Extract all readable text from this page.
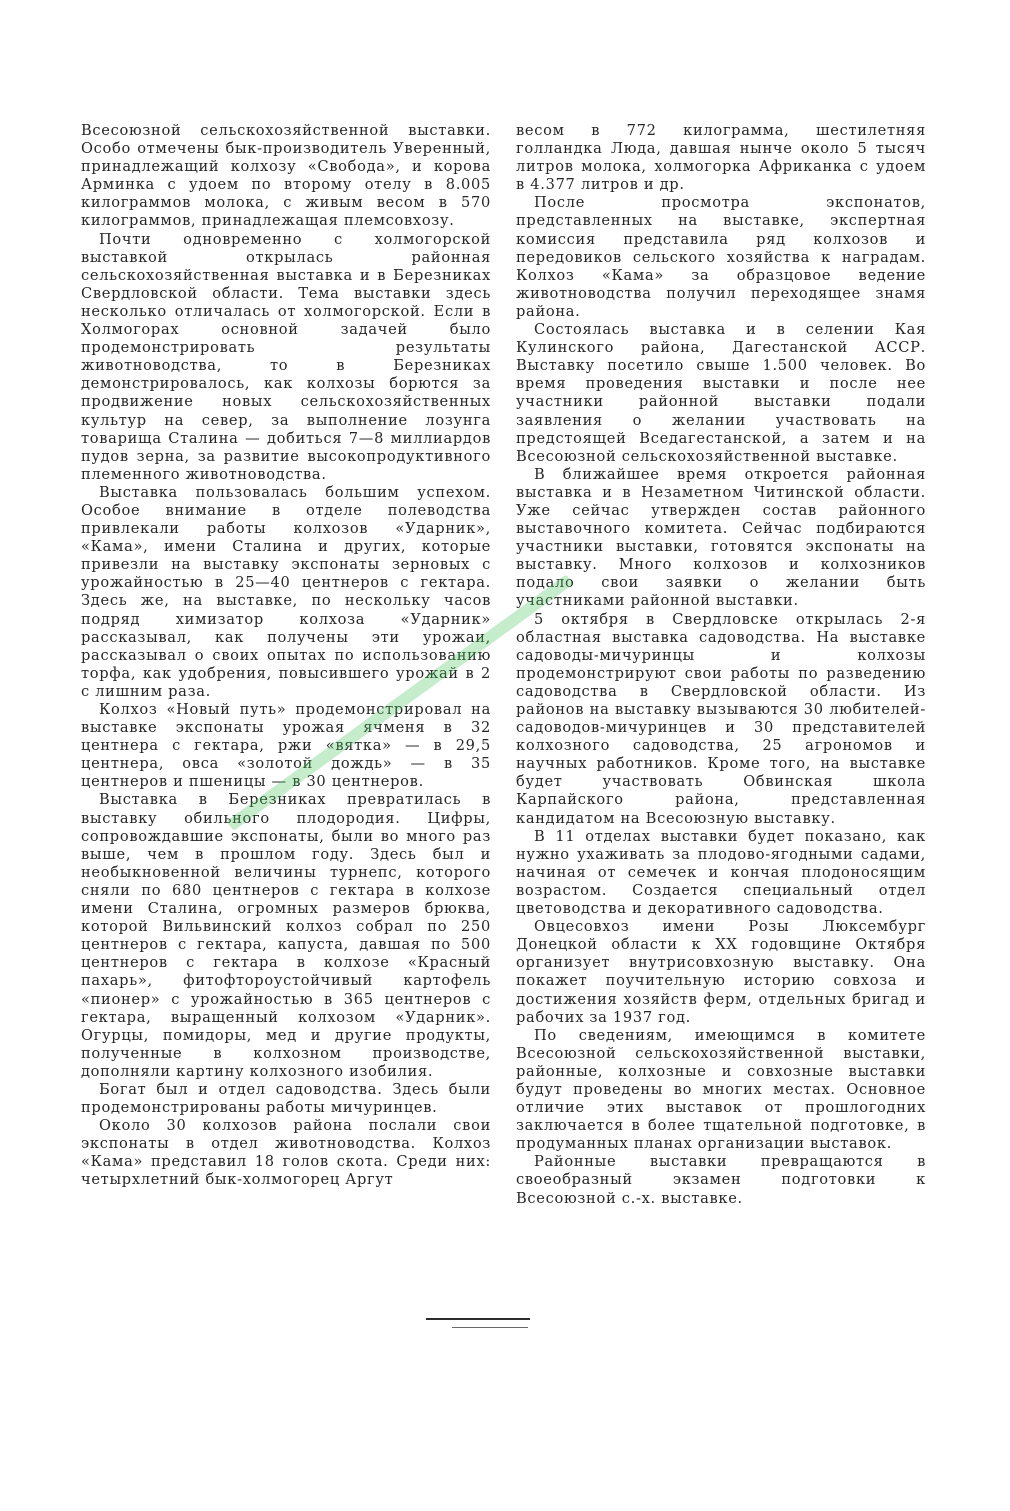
Всесоюзной сельскохозяйственной выставки. Особо отмечены бык-производитель Уверенный, принадлежащий колхозу «Свобода», и корова Арминка с удоем по второму отелу в 8.005 килограммов молока, с живым весом в 570 килограммов, принадлежащая племсовхозу.

Почти одновременно с холмогорской выставкой открылась районная сельскохозяйственная выставка и в Березниках Свердловской области. Тема выставки здесь несколько отличалась от холмогорской. Если в Холмогорах основной задачей было продемонстрировать результаты животноводства, то в Березниках демонстрировалось, как колхозы борются за продвижение новых сельскохозяйственных культур на север, за выполнение лозунга товарища Сталина — добиться 7—8 миллиардов пудов зерна, за развитие высокопродуктивного племенного животноводства.

Выставка пользовалась большим успехом. Особое внимание в отделе полеводства привлекали работы колхозов «Ударник», «Кама», имени Сталина и других, которые привезли на выставку экспонаты зерновых с урожайностью в 25—40 центнеров с гектара. Здесь же, на выставке, по нескольку часов подряд химизатор колхоза «Ударник» рассказывал, как получены эти урожаи, рассказывал о своих опытах по использованию торфа, как удобрения, повысившего урожай в 2 с лишним раза.

Колхоз «Новый путь» продемонстрировал на выставке экспонаты урожая ячменя в 32 центнера с гектара, ржи «вятка» — в 29,5 центнера, овса «золотой дождь» — в 35 центнеров и пшеницы — в 30 центнеров.

Выставка в Березниках превратилась в выставку обильного плодородия. Цифры, сопровождавшие экспонаты, были во много раз выше, чем в прошлом году. Здесь был и необыкновенной величины турнепс, которого сняли по 680 центнеров с гектара в колхозе имени Сталина, огромных размеров брюква, которой Вильвинский колхоз собрал по 250 центнеров с гектара, капуста, давшая по 500 центнеров с гектара в колхозе «Красный пахарь», фитофтороустойчивый картофель «пионер» с урожайностью в 365 центнеров с гектара, выращенный колхозом «Ударник». Огурцы, помидоры, мед и другие продукты, полученные в колхозном производстве, дополняли картину колхозного изобилия.

Богат был и отдел садоводства. Здесь были продемонстрированы работы мичуринцев.

Около 30 колхозов района послали свои экспонаты в отдел животноводства. Колхоз «Кама» представил 18 голов скота. Среди них: четырхлетний бык-холмогорец Аргут

весом в 772 килограмма, шестилетняя голландка Люда, давшая нынче около 5 тысяч литров молока, холмогорка Африканка с удоем в 4.377 литров и др.

После просмотра экспонатов, представленных на выставке, экспертная комиссия представила ряд колхозов и передовиков сельского хозяйства к наградам. Колхоз «Кама» за образцовое ведение животноводства получил переходящее знамя района.

Состоялась выставка и в селении Кая Кулинского района, Дагестанской АССР. Выставку посетило свыше 1.500 человек. Во время проведения выставки и после нее участники районной выставки подали заявления о желании участвовать на предстоящей Вседагестанской, а затем и на Всесоюзной сельскохозяйственной выставке.

В ближайшее время откроется районная выставка и в Незаметном Читинской области. Уже сейчас утвержден состав районного выставочного комитета. Сейчас подбираются участники выставки, готовятся экспонаты на выставку. Много колхозов и колхозников подало свои заявки о желании быть участниками районной выставки.

5 октября в Свердловске открылась 2-я областная выставка садоводства. На выставке садоводы-мичуринцы и колхозы продемонстрируют свои работы по разведению садоводства в Свердловской области. Из районов на выставку вызываются 30 любителей-садоводов-мичуринцев и 30 представителей колхозного садоводства, 25 агрономов и научных работников. Кроме того, на выставке будет участвовать Обвинская школа Карпайского района, представленная кандидатом на Всесоюзную выставку.

В 11 отделах выставки будет показано, как нужно ухаживать за плодово-ягодными садами, начиная от семечек и кончая плодоносящим возрастом. Создается специальный отдел цветоводства и декоративного садоводства.

Овцесовхоз имени Розы Люксембург Донецкой области к XX годовщине Октября организует внутрисовхозную выставку. Она покажет поучительную историю совхоза и достижения хозяйств ферм, отдельных бригад и рабочих за 1937 год.

По сведениям, имеющимся в комитете Всесоюзной сельскохозяйственной выставки, районные, колхозные и совхозные выставки будут проведены во многих местах. Основное отличие этих выставок от прошлогодних заключается в более тщательной подготовке, в продуманных планах организации выставок.

Районные выставки превращаются в своеобразный экзамен подготовки к Всесоюзной с.-х. выставке.
